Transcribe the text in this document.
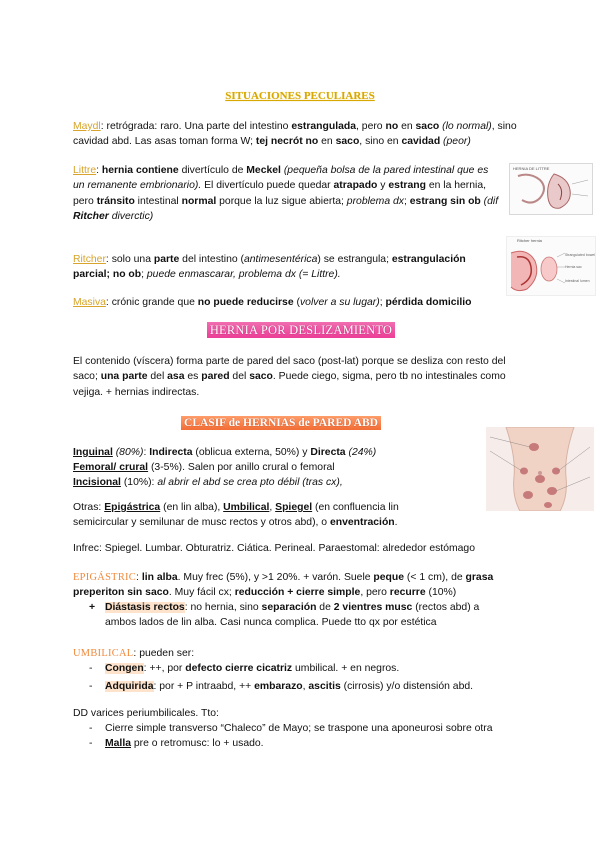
SITUACIONES PECULIARES
Maydl: retrógrada: raro. Una parte del intestino estrangulada, pero no en saco (lo normal), sino cavidad abd. Las asas toman forma W; tej necrót no en saco, sino en cavidad (peor)
Littre: hernia contiene divertículo de Meckel (pequeña bolsa de la pared intestinal que es un remanente embrionario). El divertículo puede quedar atrapado y estrang en la hernia, pero tránsito intestinal normal porque la luz sigue abierta; problema dx; estrang sin ob (dif Ritcher diverctic)
HERNIA DE LITTRE
Ritcher: solo una parte del intestino (antimesentérica) se estrangula; estrangulación parcial; no ob; puede enmascarar, problema dx (= Littre).
Ritcher hernia
Strangulated bowel
Hernia sac
Intestinal lumen
Masiva: crónic grande que no puede reducirse (volver a su lugar); pérdida domicilio
HERNIA POR DESLIZAMIENTO
El contenido (víscera) forma parte de pared del saco (post-lat) porque se desliza con resto del saco; una parte del asa es pared del saco. Puede ciego, sigma, pero tb no intestinales como vejiga. + hernias indirectas.
CLASIF de HERNIAS de PARED ABD
Inguinal (80%): Indirecta (oblicua externa, 50%) y Directa (24%)
Femoral/ crural (3-5%). Salen por anillo crural o femoral
Incisional (10%): al abrir el abd se crea pto débil (tras cx),
Otras: Epigástrica (en lin alba), Umbilical, Spiegel (en confluencia lin semicircular y semilunar de musc rectos y otros abd), o enventración.
Infrec: Spiegel. Lumbar. Obturatriz. Ciática. Perineal. Paraestomal: alrededor estómago
EPIGÁSTRIC: lin alba. Muy frec (5%), y >1 20%. + varón. Suele peque (< 1 cm), de grasa preperiton sin saco. Muy fácil cx; reducción + cierre simple, pero recurre (10%)
+ Diástasis rectos: no hernia, sino separación de 2 vientres musc (rectos abd) a ambos lados de lin alba. Casi nunca complica. Puede tto qx por estética
UMBILICAL: pueden ser:
- Congen: ++, por defecto cierre cicatriz umbilical. + en negros.
- Adquirida: por + P intraabd, ++ embarazo, ascitis (cirrosis) y/o distensión abd.
DD varices periumbilicales. Tto:
- Cierre simple transverso “Chaleco” de Mayo; se traspone una aponeurosi sobre otra
- Malla pre o retromusc: lo + usado.
